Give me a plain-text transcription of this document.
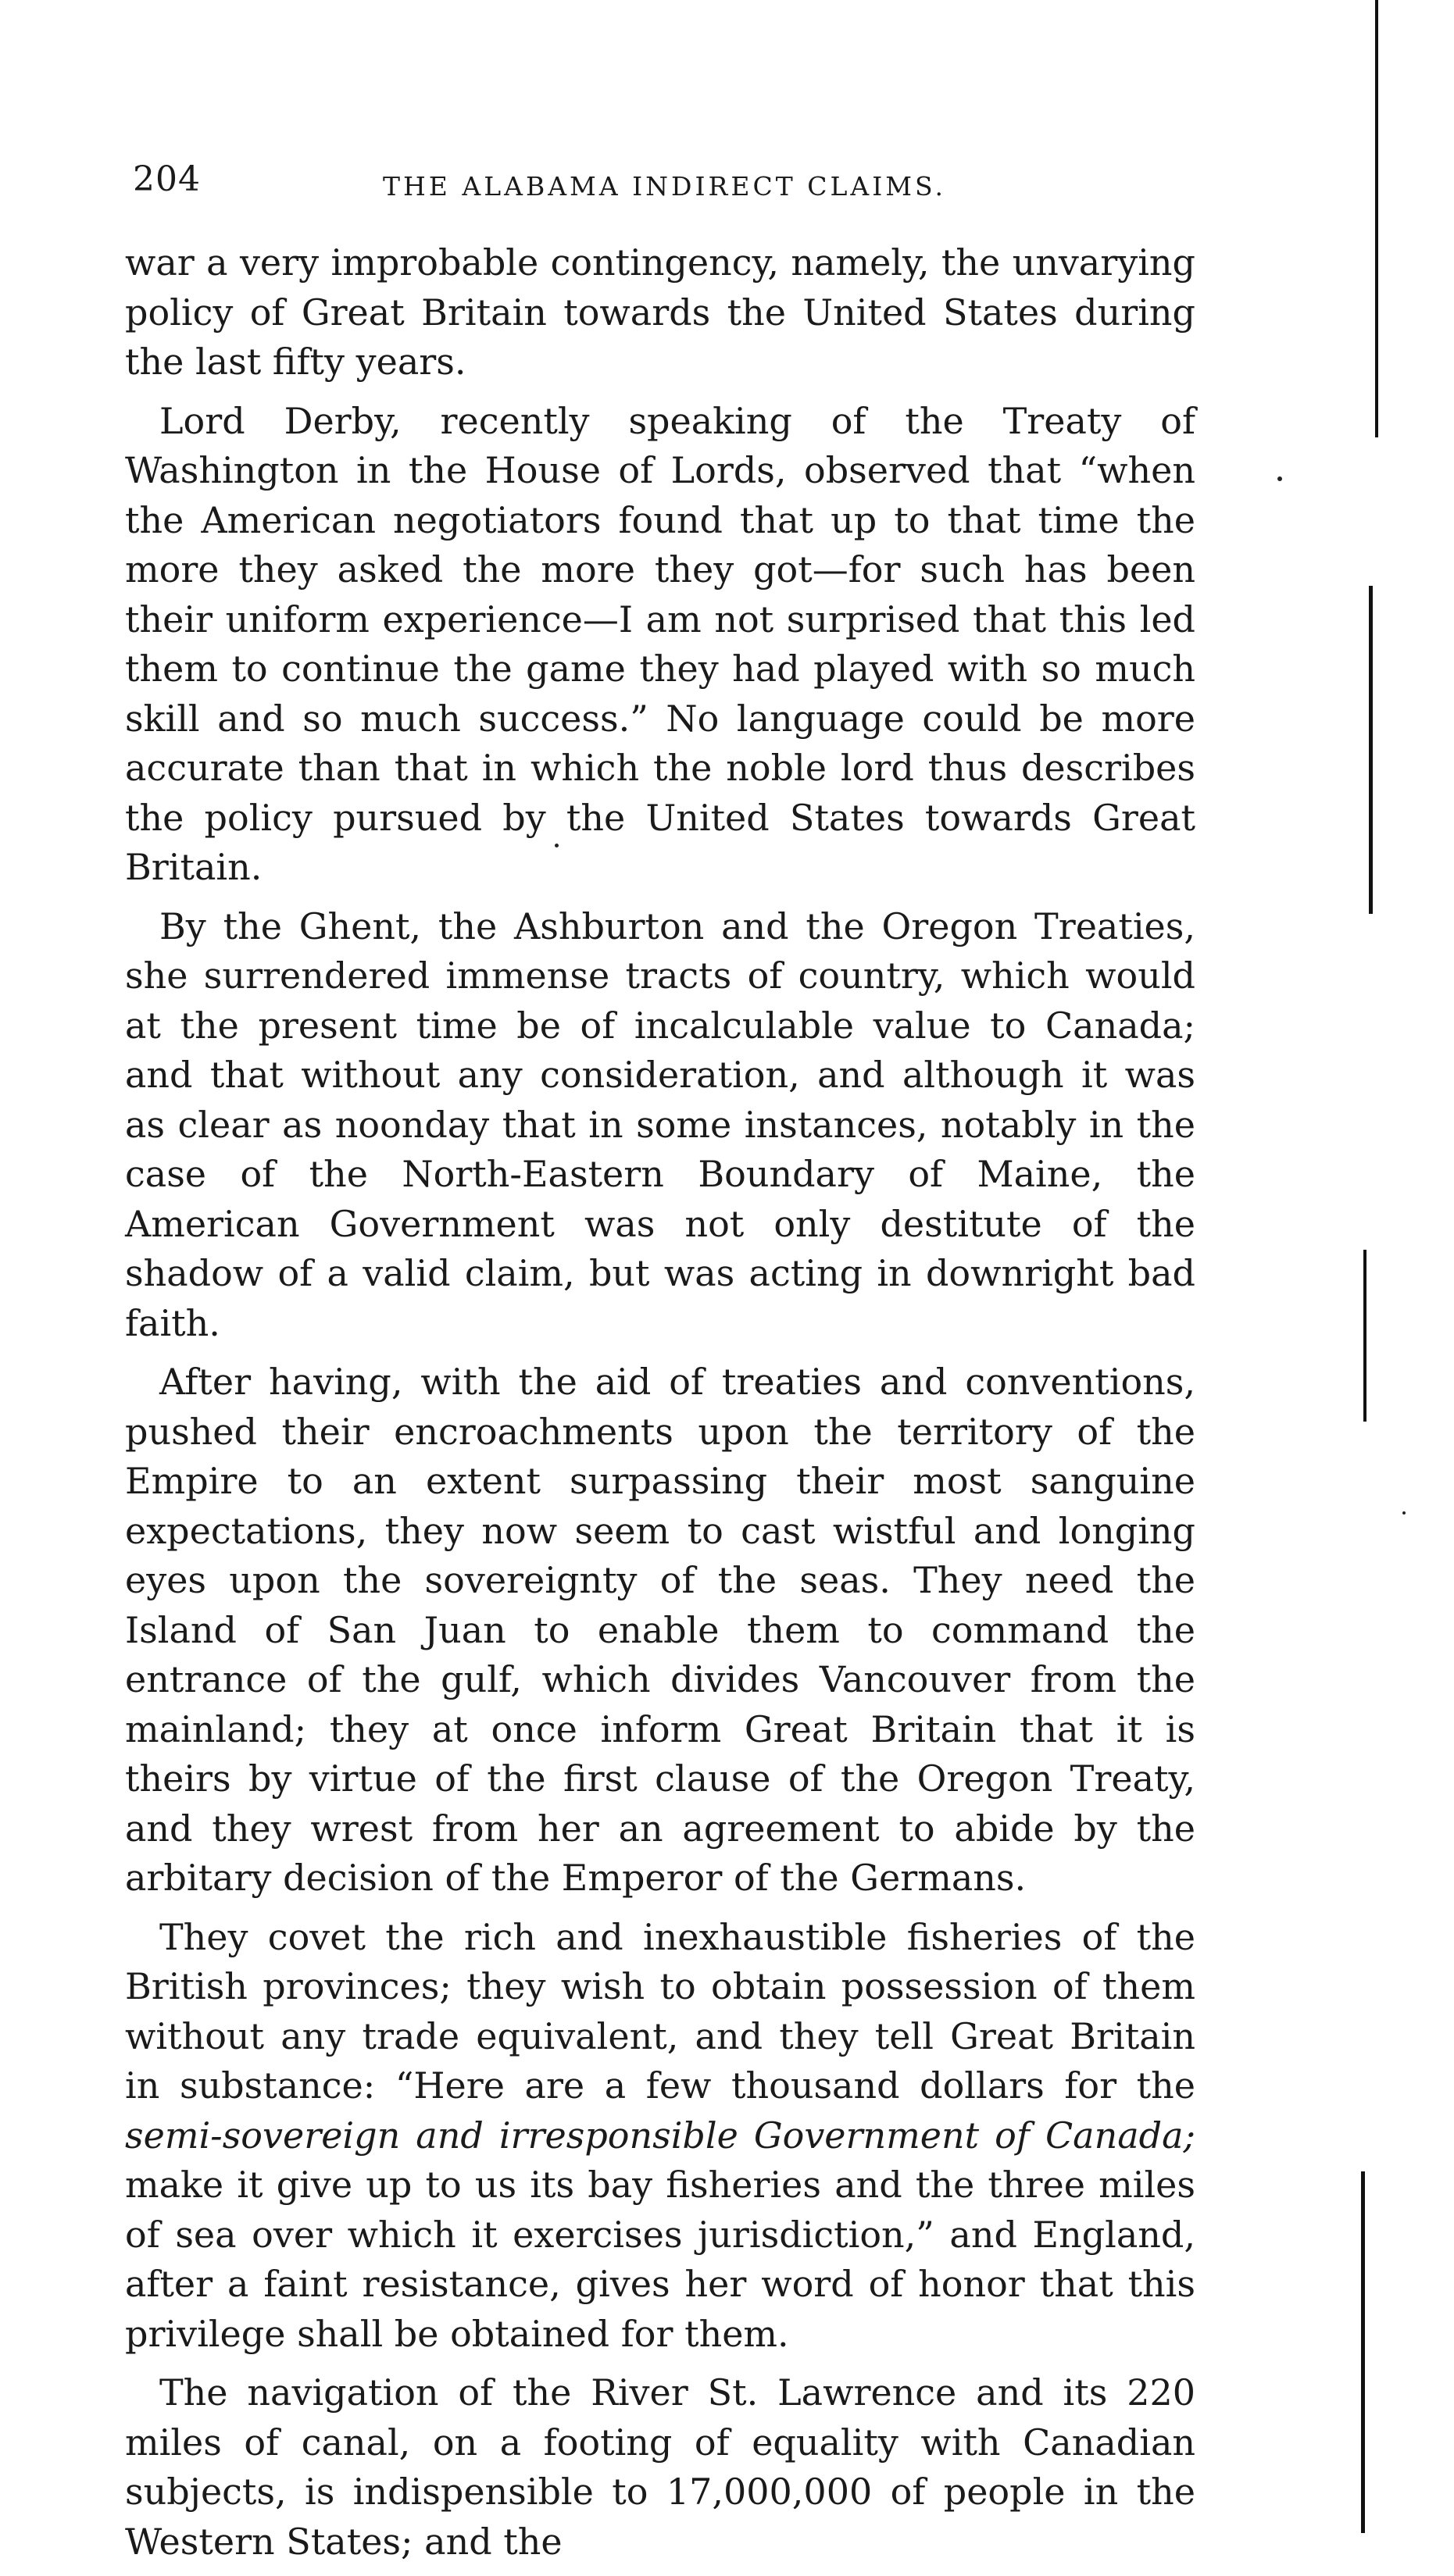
204	THE ALABAMA INDIRECT CLAIMS.

war a very improbable contingency, namely, the unvarying policy of Great Britain towards the United States during the last fifty years.

Lord Derby, recently speaking of the Treaty of Washington in the House of Lords, observed that “when the American negotiators found that up to that time the more they asked the more they got—for such has been their uniform experience—I am not surprised that this led them to continue the game they had played with so much skill and so much success.” No language could be more accurate than that in which the noble lord thus describes the policy pursued by the United States towards Great Britain.

By the Ghent, the Ashburton and the Oregon Treaties, she surrendered immense tracts of country, which would at the present time be of incalculable value to Canada; and that without any consideration, and although it was as clear as noonday that in some instances, notably in the case of the North-Eastern Boundary of Maine, the American Government was not only destitute of the shadow of a valid claim, but was acting in downright bad faith.

After having, with the aid of treaties and conventions, pushed their encroachments upon the territory of the Empire to an extent surpassing their most sanguine expectations, they now seem to cast wistful and longing eyes upon the sovereignty of the seas. They need the Island of San Juan to enable them to command the entrance of the gulf, which divides Vancouver from the mainland; they at once inform Great Britain that it is theirs by virtue of the first clause of the Oregon Treaty, and they wrest from her an agreement to abide by the arbitary decision of the Emperor of the Germans.

They covet the rich and inexhaustible fisheries of the British provinces; they wish to obtain possession of them without any trade equivalent, and they tell Great Britain in substance: “Here are a few thousand dollars for the semi-sovereign and irresponsible Government of Canada; make it give up to us its bay fisheries and the three miles of sea over which it exercises jurisdiction,” and England, after a faint resistance, gives her word of honor that this privilege shall be obtained for them.

The navigation of the River St. Lawrence and its 220 miles of canal, on a footing of equality with Canadian subjects, is indispensible to 17,000,000 of people in the Western States; and the
